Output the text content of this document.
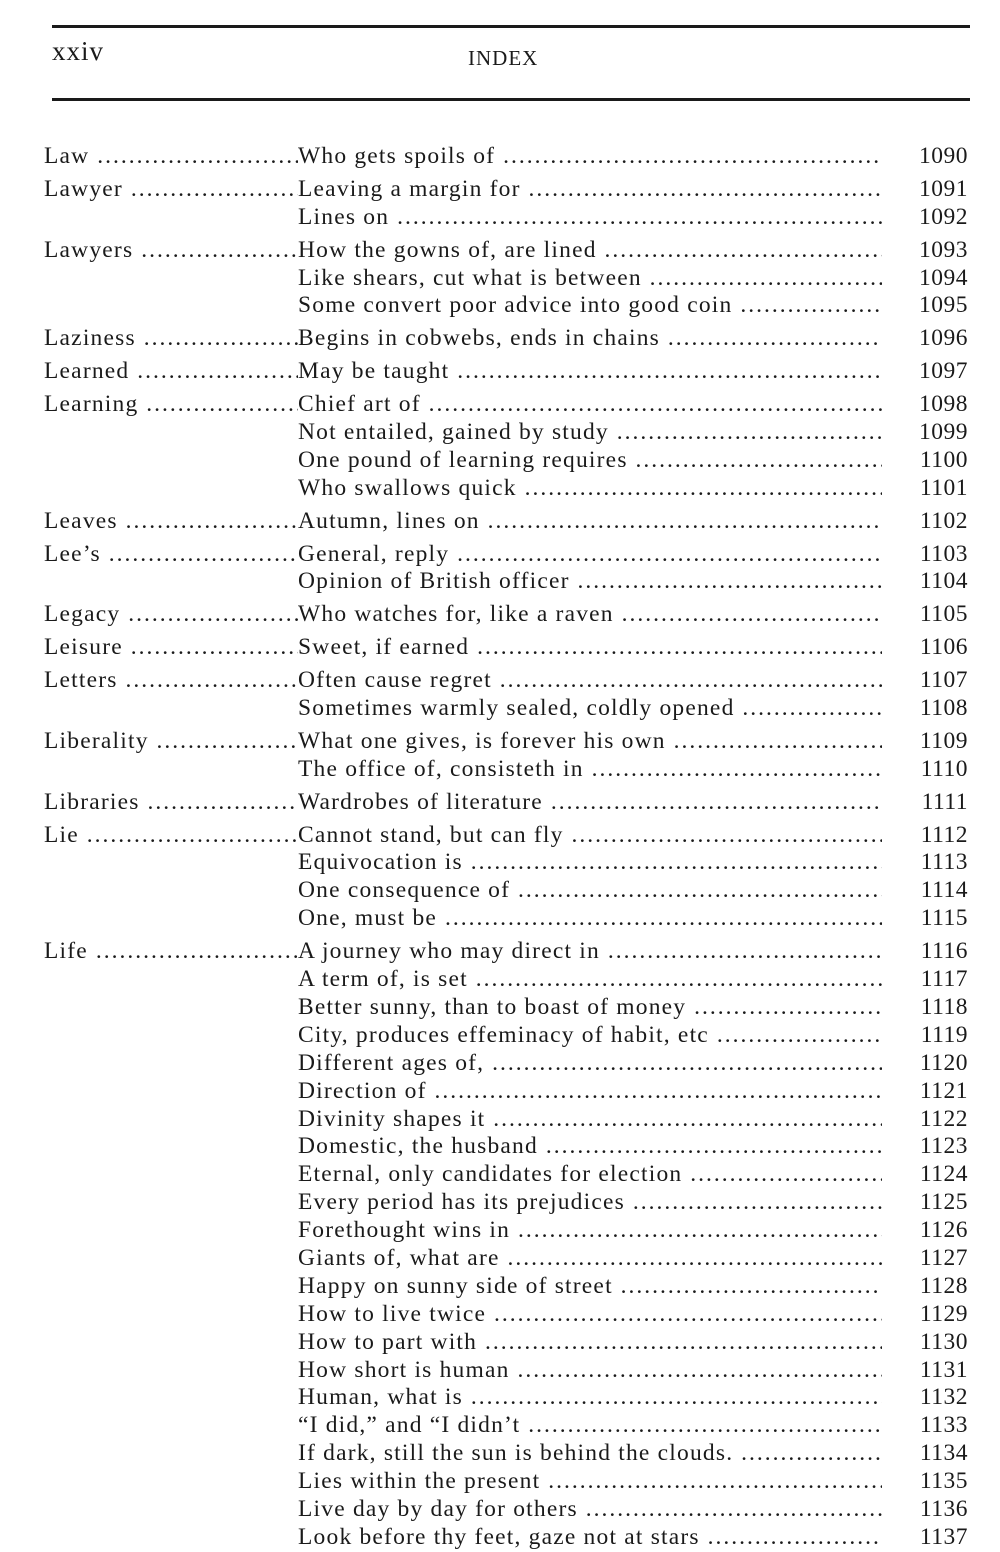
xxiv	INDEX
Law .....	Who gets spoils of .....	1090
Lawyer .....	Leaving a margin for .....	1091
Lines on .....	1092
Lawyers .....	How the gowns of, are lined .....	1093
Like shears, cut what is between .....	1094
Some convert poor advice into good coin .....	1095
Laziness .....	Begins in cobwebs, ends in chains .....	1096
Learned .....	May be taught .....	1097
Learning .....	Chief art of .....	1098
Not entailed, gained by study .....	1099
One pound of learning requires .....	1100
Who swallows quick .....	1101
Leaves .....	Autumn, lines on .....	1102
Lee’s .....	General, reply .....	1103
Opinion of British officer .....	1104
Legacy .....	Who watches for, like a raven .....	1105
Leisure .....	Sweet, if earned .....	1106
Letters .....	Often cause regret .....	1107
Sometimes warmly sealed, coldly opened .....	1108
Liberality .....	What one gives, is forever his own .....	1109
The office of, consisteth in .....	1110
Libraries .....	Wardrobes of literature .....	1111
Lie .....	Cannot stand, but can fly .....	1112
Equivocation is .....	1113
One consequence of .....	1114
One, must be .....	1115
Life .....	A journey who may direct in .....	1116
A term of, is set .....	1117
Better sunny, than to boast of money .....	1118
City, produces effeminacy of habit, etc .....	1119
Different ages of, .....	1120
Direction of .....	1121
Divinity shapes it .....	1122
Domestic, the husband .....	1123
Eternal, only candidates for election .....	1124
Every period has its prejudices .....	1125
Forethought wins in .....	1126
Giants of, what are .....	1127
Happy on sunny side of street .....	1128
How to live twice .....	1129
How to part with .....	1130
How short is human .....	1131
Human, what is .....	1132
“I did,” and “I didn’t .....	1133
If dark, still the sun is behind the clouds. .....	1134
Lies within the present .....	1135
Live day by day for others .....	1136
Look before thy feet, gaze not at stars .....	1137
